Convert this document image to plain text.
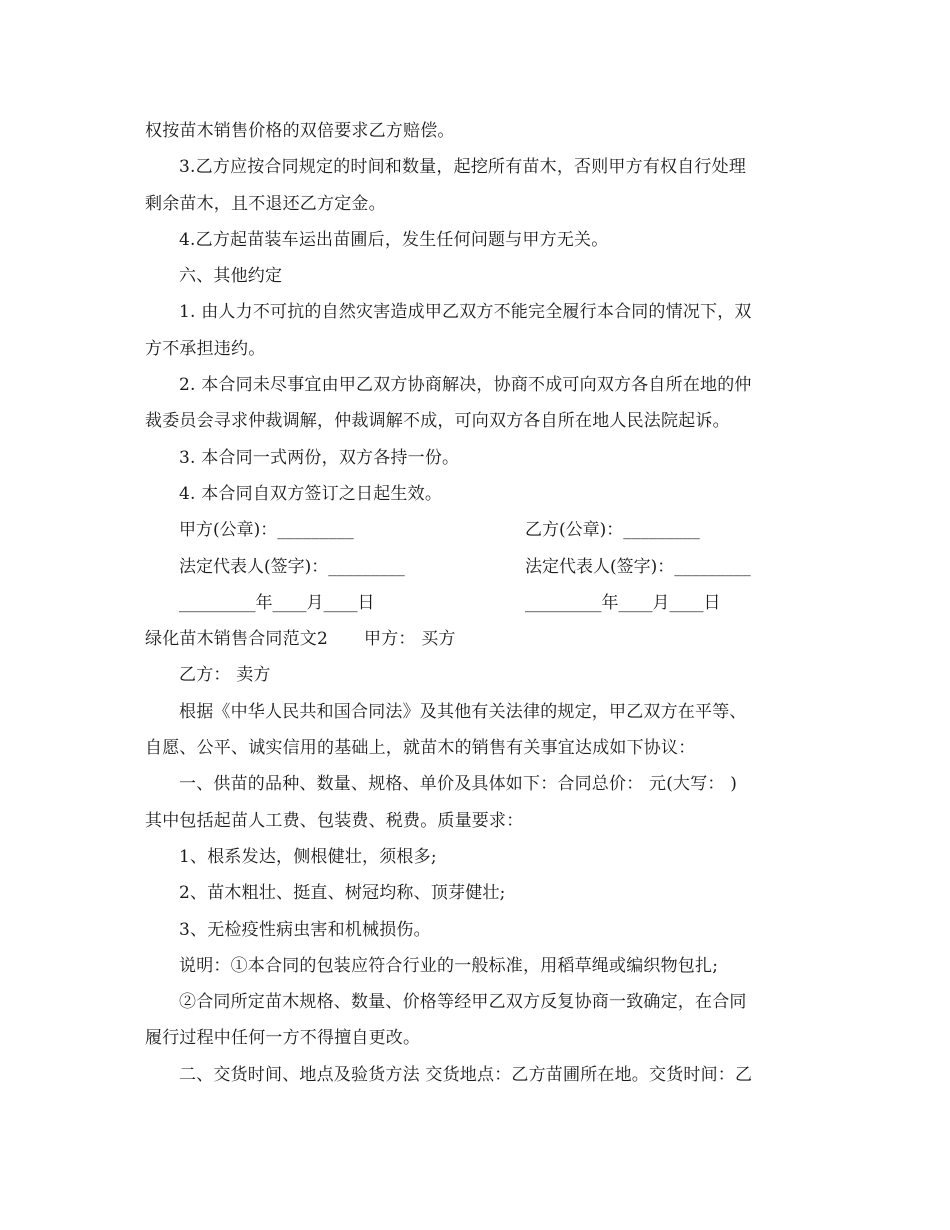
权按苗木销售价格的双倍要求乙方赔偿。
3.乙方应按合同规定的时间和数量，起挖所有苗木，否则甲方有权自行处理
剩余苗木，且不退还乙方定金。
4.乙方起苗装车运出苗圃后，发生任何问题与甲方无关。
六、其他约定
1. 由人力不可抗的自然灾害造成甲乙双方不能完全履行本合同的情况下，双
方不承担违约。
2. 本合同未尽事宜由甲乙双方协商解决，协商不成可向双方各自所在地的仲
裁委员会寻求仲裁调解，仲裁调解不成，可向双方各自所在地人民法院起诉。
3. 本合同一式两份，双方各持一份。
4. 本合同自双方签订之日起生效。
甲方(公章)：_________	乙方(公章)：_________
法定代表人(签字)：_________	法定代表人(签字)：_________
_________年____月____日	_________年____月____日
绿化苗木销售合同范文2 甲方： 买方
乙方： 卖方
根据《中华人民共和国合同法》及其他有关法律的规定，甲乙双方在平等、
自愿、公平、诚实信用的基础上，就苗木的销售有关事宜达成如下协议：
一、供苗的品种、数量、规格、单价及具体如下：合同总价： 元(大写： )
其中包括起苗人工费、包装费、税费。质量要求：
1、根系发达，侧根健壮，须根多;
2、苗木粗壮、挺直、树冠均称、顶芽健壮;
3、无检疫性病虫害和机械损伤。
说明：①本合同的包装应符合行业的一般标准，用稻草绳或编织物包扎;
②合同所定苗木规格、数量、价格等经甲乙双方反复协商一致确定，在合同
履行过程中任何一方不得擅自更改。
二、交货时间、地点及验货方法 交货地点：乙方苗圃所在地。交货时间：乙
